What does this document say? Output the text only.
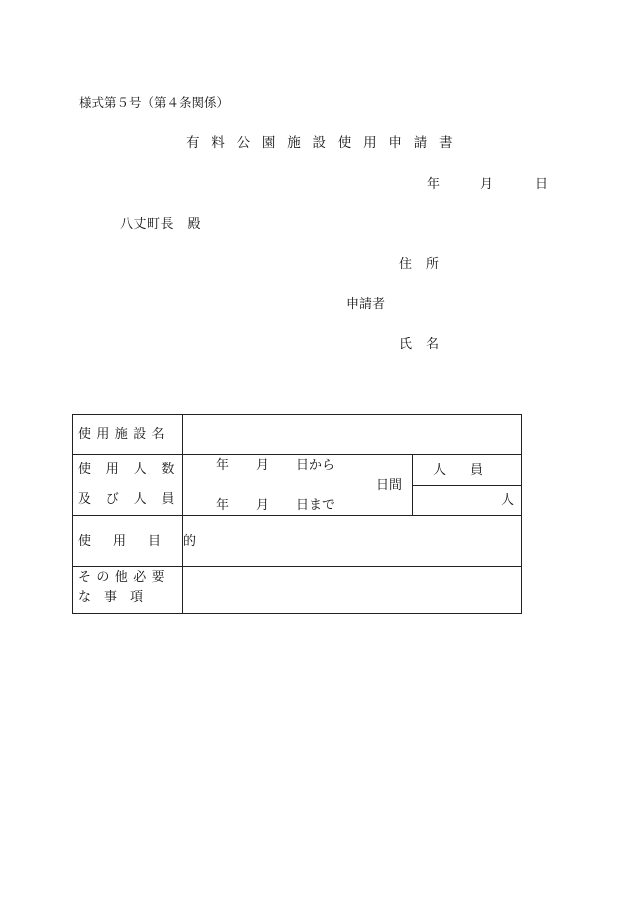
様式第５号（第４条関係）
有料公園施設使用申請書
年	月	日
八丈町長　殿
住所
申請者
氏名
使用施設名
使用人数
及び人員
使用目的
その他必要
な　事　項
年 月 日から
日間
年 月 日まで
人員
人
